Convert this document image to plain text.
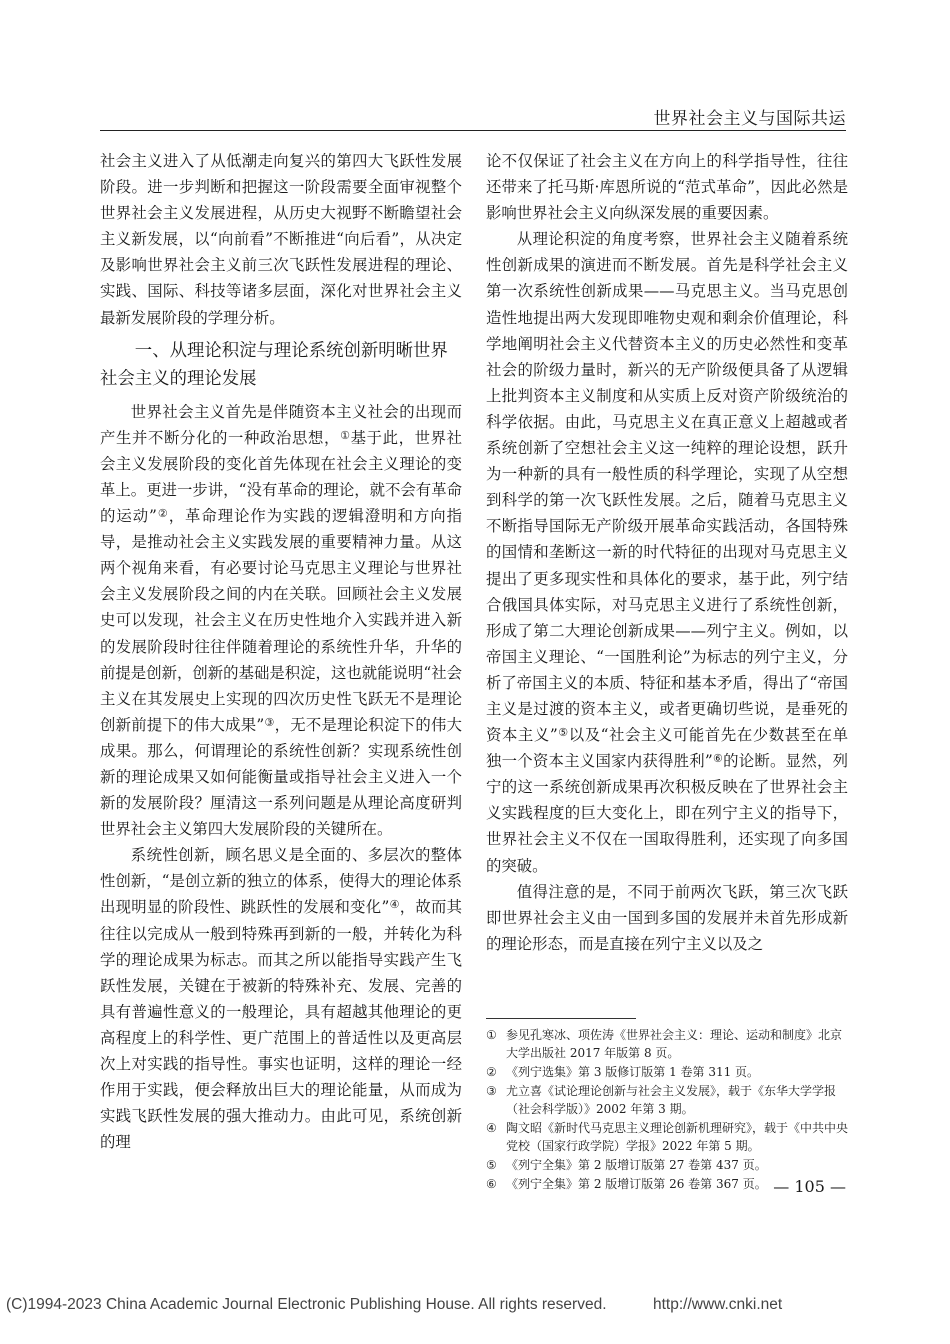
世界社会主义与国际共运

社会主义进入了从低潮走向复兴的第四大飞跃性发展阶段。进一步判断和把握这一阶段需要全面审视整个世界社会主义发展进程，从历史大视野不断瞻望社会主义新发展，以“向前看”不断推进“向后看”，从决定及影响世界社会主义前三次飞跃性发展进程的理论、实践、国际、科技等诸多层面，深化对世界社会主义最新发展阶段的学理分析。

一、从理论积淀与理论系统创新明晰世界社会主义的理论发展

世界社会主义首先是伴随资本主义社会的出现而产生并不断分化的一种政治思想，①基于此，世界社会主义发展阶段的变化首先体现在社会主义理论的变革上。更进一步讲，“没有革命的理论，就不会有革命的运动”②，革命理论作为实践的逻辑澄明和方向指导，是推动社会主义实践发展的重要精神力量。从这两个视角来看，有必要讨论马克思主义理论与世界社会主义发展阶段之间的内在关联。回顾社会主义发展史可以发现，社会主义在历史性地介入实践并进入新的发展阶段时往往伴随着理论的系统性升华，升华的前提是创新，创新的基础是积淀，这也就能说明“社会主义在其发展史上实现的四次历史性飞跃无不是理论创新前提下的伟大成果”③，无不是理论积淀下的伟大成果。那么，何谓理论的系统性创新？实现系统性创新的理论成果又如何能衡量或指导社会主义进入一个新的发展阶段？厘清这一系列问题是从理论高度研判世界社会主义第四大发展阶段的关键所在。

系统性创新，顾名思义是全面的、多层次的整体性创新，“是创立新的独立的体系，使得大的理论体系出现明显的阶段性、跳跃性的发展和变化”④，故而其往往以完成从一般到特殊再到新的一般，并转化为科学的理论成果为标志。而其之所以能指导实践产生飞跃性发展，关键在于被新的特殊补充、发展、完善的具有普遍性意义的一般理论，具有超越其他理论的更高程度上的科学性、更广范围上的普适性以及更高层次上对实践的指导性。事实也证明，这样的理论一经作用于实践，便会释放出巨大的理论能量，从而成为实践飞跃性发展的强大推动力。由此可见，系统创新的理

论不仅保证了社会主义在方向上的科学指导性，往往还带来了托马斯·库恩所说的“范式革命”，因此必然是影响世界社会主义向纵深发展的重要因素。

从理论积淀的角度考察，世界社会主义随着系统性创新成果的演进而不断发展。首先是科学社会主义第一次系统性创新成果——马克思主义。当马克思创造性地提出两大发现即唯物史观和剩余价值理论，科学地阐明社会主义代替资本主义的历史必然性和变革社会的阶级力量时，新兴的无产阶级便具备了从逻辑上批判资本主义制度和从实质上反对资产阶级统治的科学依据。由此，马克思主义在真正意义上超越或者系统创新了空想社会主义这一纯粹的理论设想，跃升为一种新的具有一般性质的科学理论，实现了从空想到科学的第一次飞跃性发展。之后，随着马克思主义不断指导国际无产阶级开展革命实践活动，各国特殊的国情和垄断这一新的时代特征的出现对马克思主义提出了更多现实性和具体化的要求，基于此，列宁结合俄国具体实际，对马克思主义进行了系统性创新，形成了第二大理论创新成果——列宁主义。例如，以帝国主义理论、“一国胜利论”为标志的列宁主义，分析了帝国主义的本质、特征和基本矛盾，得出了“帝国主义是过渡的资本主义，或者更确切些说，是垂死的资本主义”⑤以及“社会主义可能首先在少数甚至在单独一个资本主义国家内获得胜利”⑥的论断。显然，列宁的这一系统创新成果再次积极反映在了世界社会主义实践程度的巨大变化上，即在列宁主义的指导下，世界社会主义不仅在一国取得胜利，还实现了向多国的突破。

值得注意的是，不同于前两次飞跃，第三次飞跃即世界社会主义由一国到多国的发展并未首先形成新的理论形态，而是直接在列宁主义以及之

① 参见孔寒冰、项佐涛《世界社会主义：理论、运动和制度》北京大学出版社 2017 年版第 8 页。
② 《列宁选集》第 3 版修订版第 1 卷第 311 页。
③ 尤立喜《试论理论创新与社会主义发展》，载于《东华大学学报（社会科学版）》2002 年第 3 期。
④ 陶文昭《新时代马克思主义理论创新机理研究》，载于《中共中央党校（国家行政学院）学报》2022 年第 5 期。
⑤ 《列宁全集》第 2 版增订版第 27 卷第 437 页。
⑥ 《列宁全集》第 2 版增订版第 26 卷第 367 页。 — 105 —
(C)1994-2023 China Academic Journal Electronic Publishing House. All rights reserved.	http://www.cnki.net
